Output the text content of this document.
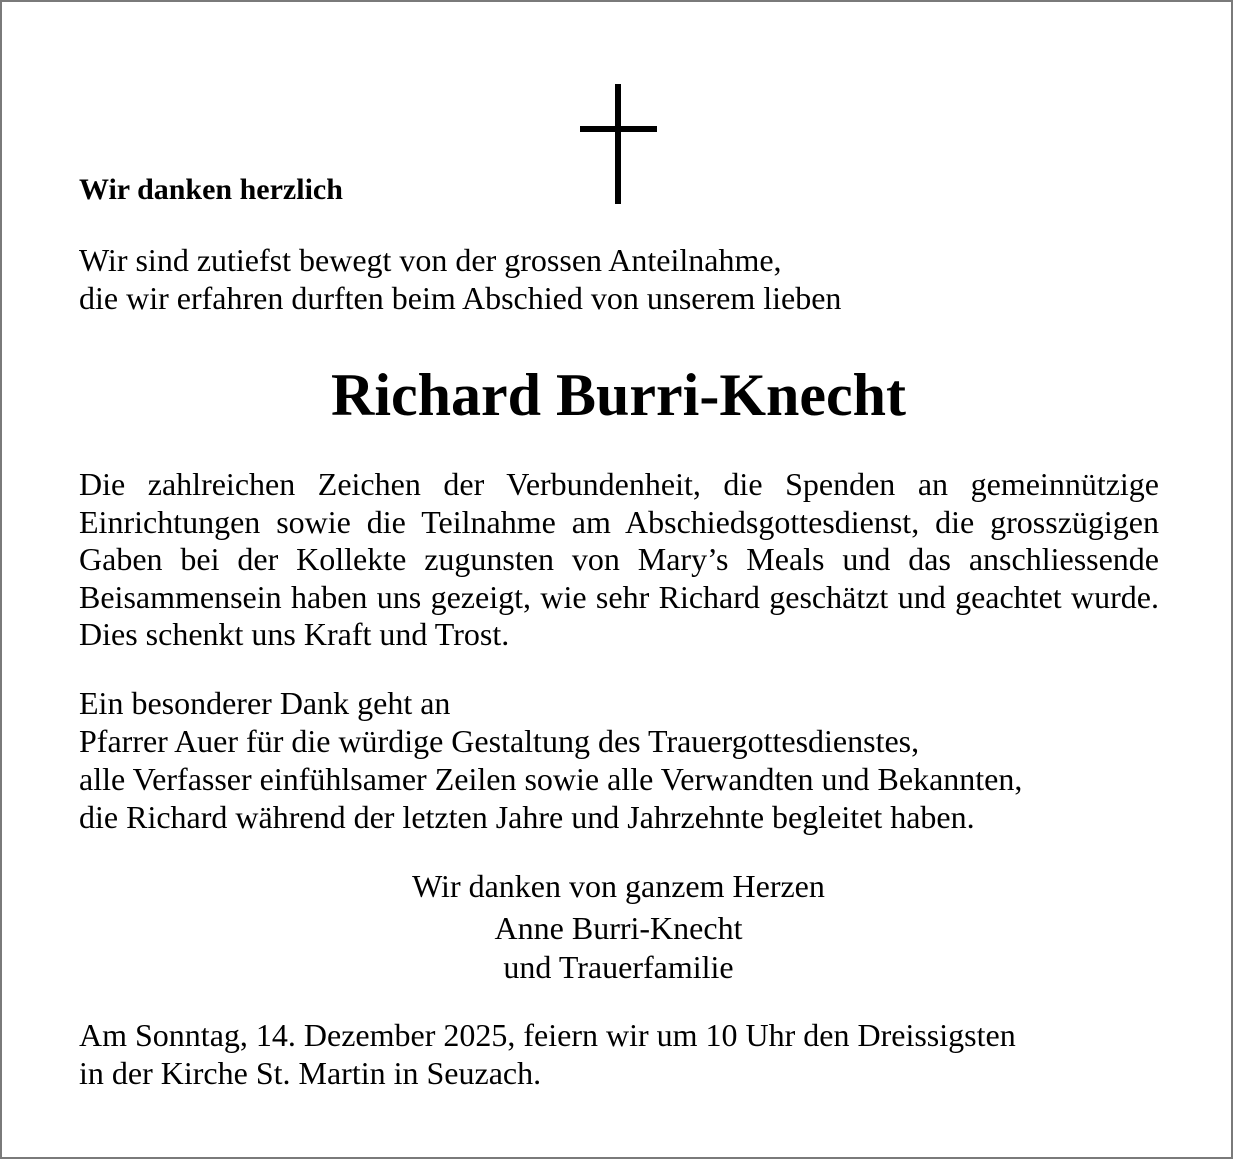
Wir danken herzlich
Wir sind zutiefst bewegt von der grossen Anteilnahme,
die wir erfahren durften beim Abschied von unserem lieben
Richard Burri-Knecht
Die zahlreichen Zeichen der Verbundenheit, die Spenden an gemeinnützige Einrichtungen sowie die Teilnahme am Abschiedsgottesdienst, die grosszügigen Gaben bei der Kollekte zugunsten von Mary’s Meals und das anschliessende Beisammensein haben uns gezeigt, wie sehr Richard geschätzt und geachtet wurde. Dies schenkt uns Kraft und Trost.
Ein besonderer Dank geht an
Pfarrer Auer für die würdige Gestaltung des Trauergottesdienstes,
alle Verfasser einfühlsamer Zeilen sowie alle Verwandten und Bekannten,
die Richard während der letzten Jahre und Jahrzehnte begleitet haben.
Wir danken von ganzem Herzen
Anne Burri-Knecht
und Trauerfamilie
Am Sonntag, 14. Dezember 2025, feiern wir um 10 Uhr den Dreissigsten
in der Kirche St. Martin in Seuzach.
